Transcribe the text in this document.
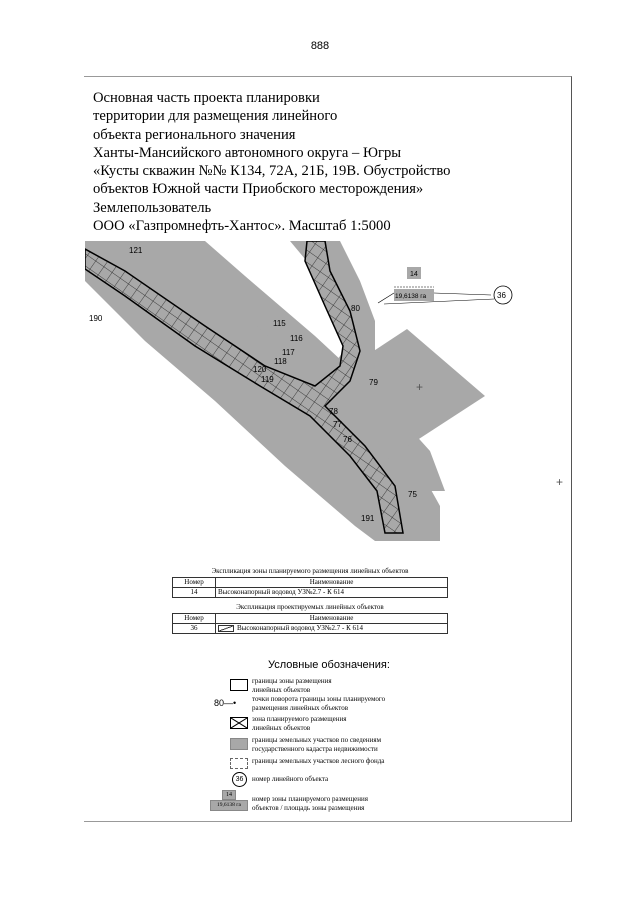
888
Основная часть проекта планировки
территории для размещения линейного
объекта регионального значения
Ханты-Мансийского автономного округа – Югры
«Кусты скважин №№ К134, 72А, 21Б, 19В. Обустройство
объектов Южной части Приобского месторождения»
Землепользователь
ООО «Газпромнефть-Хантос». Масштаб 1:5000
121
190
80
79
75
191
115
116
117
118
120
119
78
77
76
14
19,6138 га	36
+
+
Экспликация зоны планируемого размещения линейных объектов
Номер	Наименование
14	Высоконапорный водовод УЗ№2.7 - К 614
Экспликация проектируемых линейных объектов
Номер	Наименование
36	Высоконапорный водовод УЗ№2.7 - К 614
Условные обозначения:
границы зоны размещения линейных объектов
80—• точки поворота границы зоны планируемого размещения линейных объектов
зона планируемого размещения линейных объектов
границы земельных участков по сведениям государственного кадастра недвижимости
границы земельных участков лесного фонда
36	номер линейного объекта
14
19,6138 га
номер зоны планируемого размещения объектов / площадь зоны размещения
